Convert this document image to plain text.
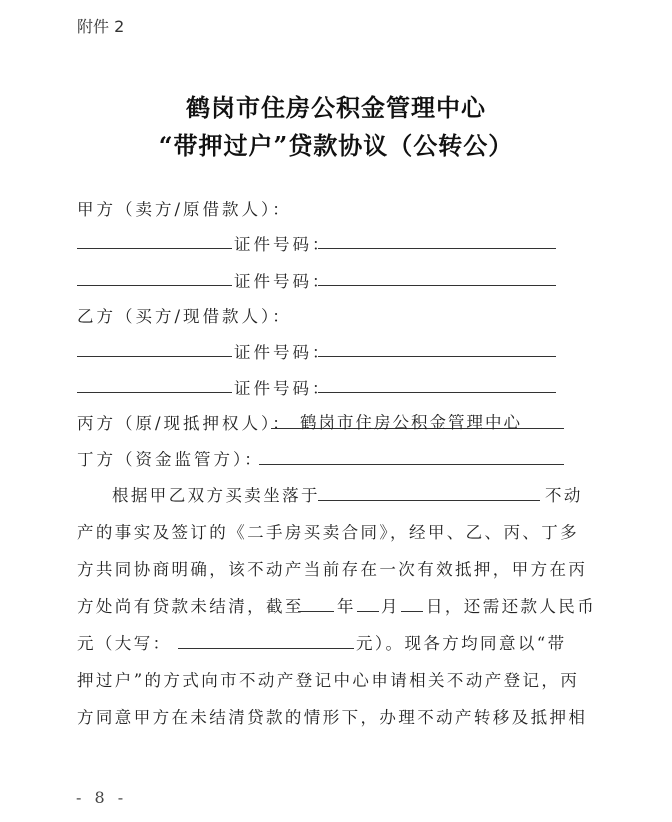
附件 2
鹤岗市住房公积金管理中心
“带押过户”贷款协议（公转公）
甲方（卖方/原借款人）：
证件号码：
证件号码：
乙方（买方/现借款人）：
证件号码：
证件号码：
丙方（原/现抵押权人）： 鹤岗市住房公积金管理中心
丁方（资金监管方）：
根据甲乙双方买卖坐落于	不动
产的事实及签订的《二手房买卖合同》，经甲、乙、丙、丁多
方共同协商明确，该不动产当前存在一次有效抵押，甲方在丙
方处尚有贷款未结清，截至 年 月 日，还需还款人民币
元（大写：	元）。现各方均同意以“带
押过户”的方式向市不动产登记中心申请相关不动产登记，丙
方同意甲方在未结清贷款的情形下，办理不动产转移及抵押相
- 8 -
